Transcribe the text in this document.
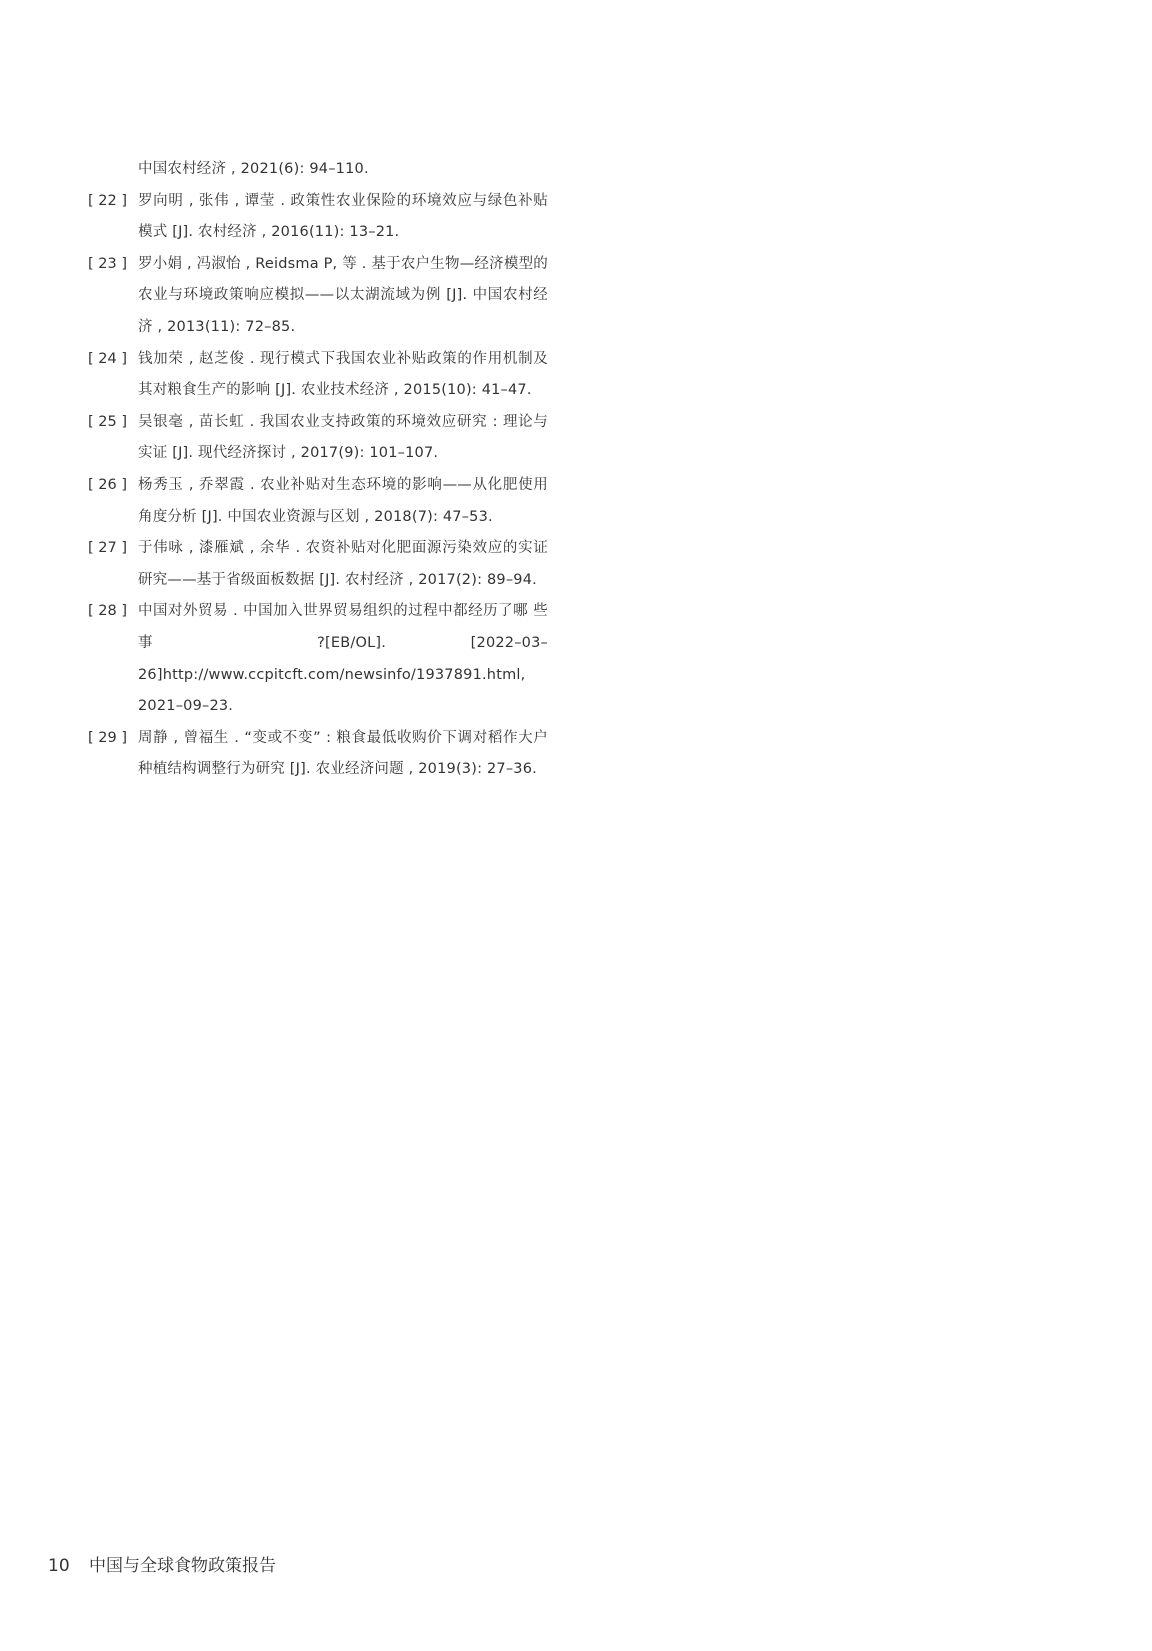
中国农村经济 , 2021(6): 94–110.
[ 22 ] 罗向明 , 张伟 , 谭莹 . 政策性农业保险的环境效应与绿色补贴模式 [J]. 农村经济 , 2016(11): 13–21.
[ 23 ] 罗小娟 , 冯淑怡 , Reidsma P, 等 . 基于农户生物—经济模型的农业与环境政策响应模拟——以太湖流域为例 [J]. 中国农村经济 , 2013(11): 72–85.
[ 24 ] 钱加荣 , 赵芝俊 . 现行模式下我国农业补贴政策的作用机制及其对粮食生产的影响 [J]. 农业技术经济 , 2015(10): 41–47.
[ 25 ] 吴银毫 , 苗长虹 . 我国农业支持政策的环境效应研究 : 理论与实证 [J]. 现代经济探讨 , 2017(9): 101–107.
[ 26 ] 杨秀玉 , 乔翠霞 . 农业补贴对生态环境的影响——从化肥使用角度分析 [J]. 中国农业资源与区划 , 2018(7): 47–53.
[ 27 ] 于伟咏 , 漆雁斌 , 余华 . 农资补贴对化肥面源污染效应的实证研究——基于省级面板数据 [J]. 农村经济 , 2017(2): 89–94.
[ 28 ] 中国对外贸易 . 中国加入世界贸易组织的过程中都经历了哪 些 事 ?[EB/OL]. [2022–03–26]http://www.ccpitcft.com/newsinfo/1937891.html, 2021–09–23.
[ 29 ] 周静 , 曾福生 . “变或不变” : 粮食最低收购价下调对稻作大户种植结构调整行为研究 [J]. 农业经济问题 , 2019(3): 27–36.
10 中国与全球食物政策报告
